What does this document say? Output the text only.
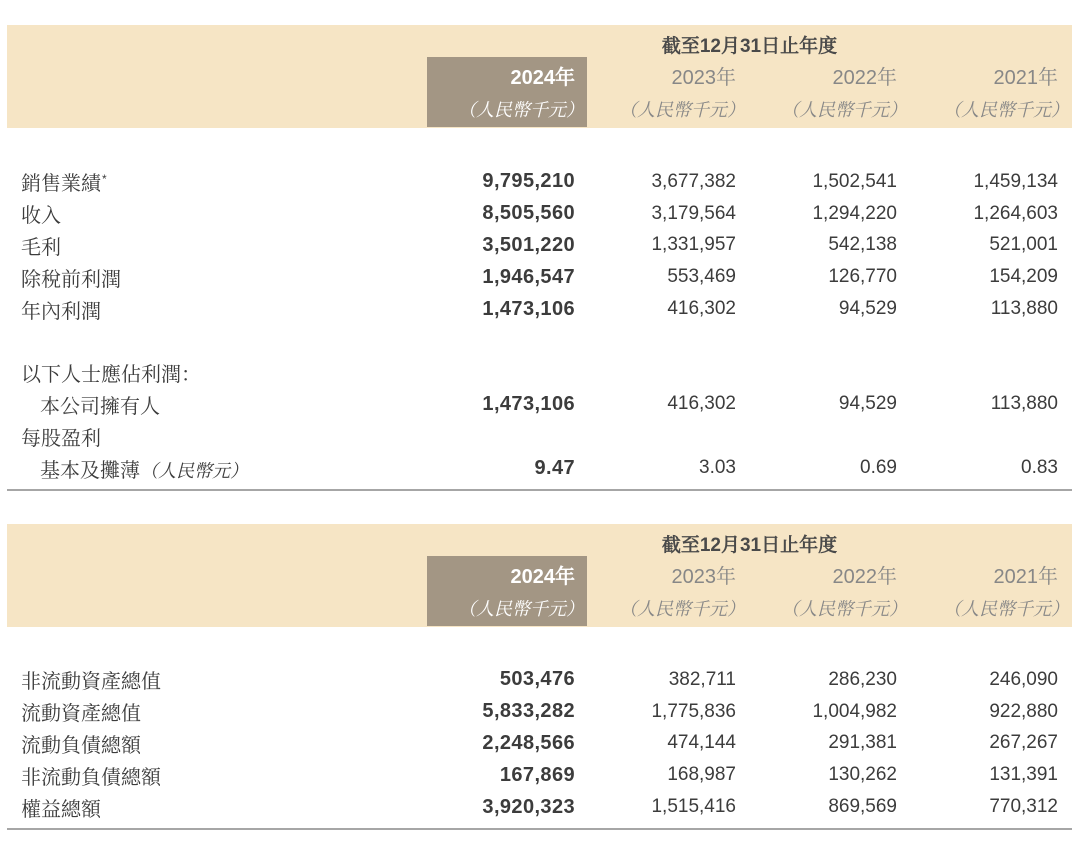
截至12月31日止年度
2024年	2023年	2022年	2021年
（人民幣千元）	（人民幣千元）	（人民幣千元）	（人民幣千元）
銷售業績*	9,795,210	3,677,382	1,502,541	1,459,134
收入	8,505,560	3,179,564	1,294,220	1,264,603
毛利	3,501,220	1,331,957	542,138	521,001
除稅前利潤	1,946,547	553,469	126,770	154,209
年內利潤	1,473,106	416,302	94,529	113,880
以下人士應佔利潤：
本公司擁有人	1,473,106	416,302	94,529	113,880
每股盈利
基本及攤薄（人民幣元）	9.47	3.03	0.69	0.83
截至12月31日止年度
2024年	2023年	2022年	2021年
（人民幣千元）	（人民幣千元）	（人民幣千元）	（人民幣千元）
非流動資產總值	503,476	382,711	286,230	246,090
流動資產總值	5,833,282	1,775,836	1,004,982	922,880
流動負債總額	2,248,566	474,144	291,381	267,267
非流動負債總額	167,869	168,987	130,262	131,391
權益總額	3,920,323	1,515,416	869,569	770,312
